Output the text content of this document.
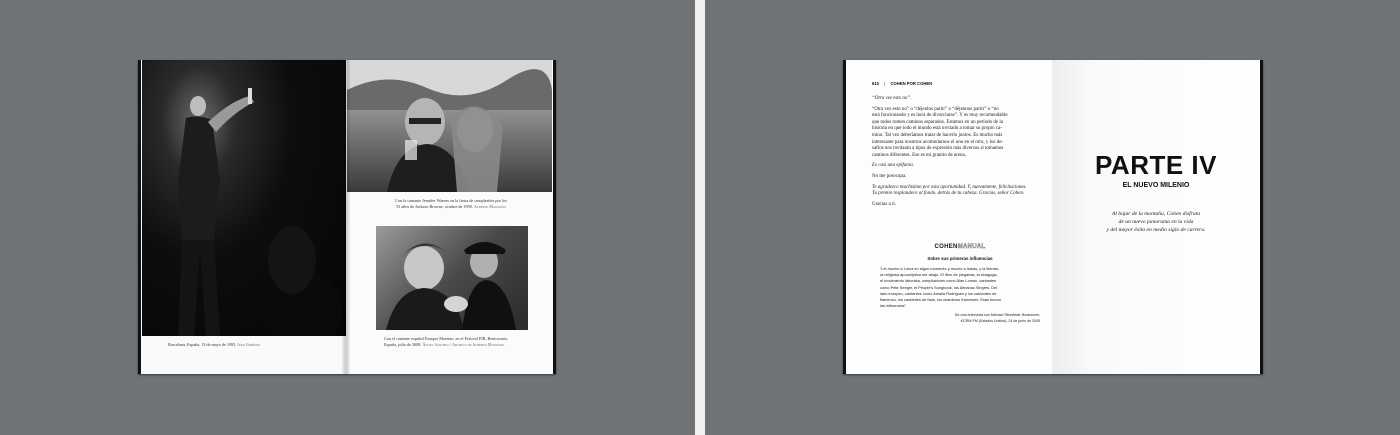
Barcelona, España, 13 de mayo de 1993. Ivan Giménez
Con la cantante Jennifer Warnes en la fiesta de cumpleaños por los
53 años de Jackson Browne, octubre de 1990. Alberto Manzano
Con el cantante español Enrique Morente, en el Festival FIB, Benicassim,
España, julio de 2008. Ángel Sánchez / Archivo de Alberto Manzano
610 | COHEN POR COHEN

“Otra vez esto no”.

“Otra vez esto no” o “déjenlos partir” o “déjennos partir” o “no

está funcionando y es hora de divorciarse”. Y es muy recomendable

que todos tomen caminos separados. Estamos en un período de la

historia en que todo el mundo está invitado a tomar su propio ca-

mino. Tal vez deberíamos tratar de hacerlo juntos. Es mucho más

interesante para nosotros acomodarnos el uno en el otro, y los de-

safíos nos invitarán a tipos de expresión más diversos si tomamos

caminos diferentes. Ese es mi granito de arena.

Es casi una epifanía.

No me preocupa.

Te agradezco muchísimo por esta oportunidad. Y, nuevamente, felicitaciones.

Tu premio resplandece al fondo, detrás de tu cabeza. Gracias, señor Cohen.

Gracias a ti.

COHENMANUAL
Sobre sus primeras influencias
“Lei mucho a Lorca en algún momento y mucho a Isaías, y la literatu-
ra religiosa apocalíptica me atrajo. El libro de plegarias, la sinagoga,
el movimiento laborista, compiladores como Alan Lomax, cantantes
como Pete Seeger, el People's Songbook, los Almanac Singers. Del
lado europeo, cantantes como Amalia Rodrigues y los cantantes de
flamenco, los cantantes de fado, los chanteurs franceses. Esas fueron
las influencias”.
De una entrevista con Michael Silverblatt, Bookworm,
KCRW-FM (Estados Unidos), 24 de junio de 2005
PARTE IV
EL NUEVO MILENIO
Al bajar de la montaña, Cohen disfruta
de un nuevo panorama en la vida
y del mayor éxito en medio siglo de carrera.
